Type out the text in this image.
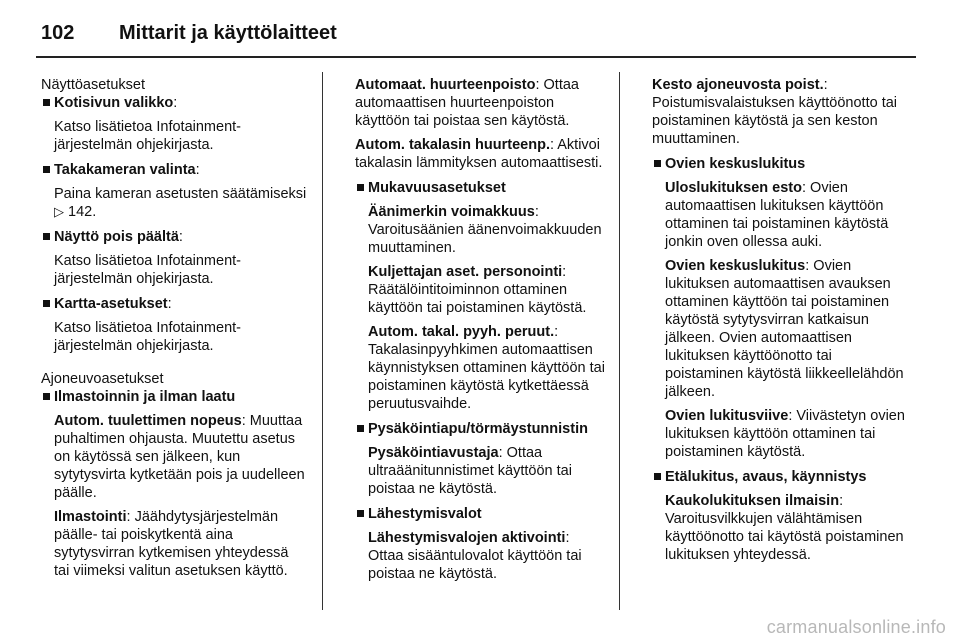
102 Mittarit ja käyttölaitteet
Näyttöasetukset
Kotisivun valikko:
Katso lisätietoa Infotainment-järjestelmän ohjekirjasta.
Takakameran valinta:
Paina kameran asetusten säätämiseksi ▷ 142.
Näyttö pois päältä:
Katso lisätietoa Infotainment-järjestelmän ohjekirjasta.
Kartta-asetukset:
Katso lisätietoa Infotainment-järjestelmän ohjekirjasta.
Ajoneuvoasetukset
Ilmastoinnin ja ilman laatu
Autom. tuulettimen nopeus: Muuttaa puhaltimen ohjausta. Muutettu asetus on käytössä sen jälkeen, kun sytytysvirta kytketään pois ja uudelleen päälle.
Ilmastointi: Jäähdytysjärjestelmän päälle- tai poiskytkentä aina sytytysvirran kytkemisen yhteydessä tai viimeksi valitun asetuksen käyttö.
Automaat. huurteenpoisto: Ottaa automaattisen huurteenpoiston käyttöön tai poistaa sen käytöstä.
Autom. takalasin huurteenp.: Aktivoi takalasin lämmityksen automaattisesti.
Mukavuusasetukset
Äänimerkin voimakkuus: Varoitusäänien äänenvoimakkuuden muuttaminen.
Kuljettajan aset. personointi: Räätälöintitoiminnon ottaminen käyttöön tai poistaminen käytöstä.
Autom. takal. pyyh. peruut.: Takalasinpyyhkimen automaattisen käynnistyksen ottaminen käyttöön tai poistaminen käytöstä kytkettäessä peruutusvaihde.
Pysäköintiapu/törmäystunnistin
Pysäköintiavustaja: Ottaa ultraäänitunnistimet käyttöön tai poistaa ne käytöstä.
Lähestymisvalot
Lähestymisvalojen aktivointi: Ottaa sisääntulovalot käyttöön tai poistaa ne käytöstä.
Kesto ajoneuvosta poist.: Poistumisvalaistuksen käyttöönotto tai poistaminen käytöstä ja sen keston muuttaminen.
Ovien keskuslukitus
Uloslukituksen esto: Ovien automaattisen lukituksen käyttöön ottaminen tai poistaminen käytöstä jonkin oven ollessa auki.
Ovien keskuslukitus: Ovien lukituksen automaattisen avauksen ottaminen käyttöön tai poistaminen käytöstä sytytysvirran katkaisun jälkeen. Ovien automaattisen lukituksen käyttöönotto tai poistaminen käytöstä liikkeellelähdön jälkeen.
Ovien lukitusviive: Viivästetyn ovien lukituksen käyttöön ottaminen tai poistaminen käytöstä.
Etälukitus, avaus, käynnistys
Kaukolukituksen ilmaisin: Varoitusvilkkujen välähtämisen käyttöönotto tai käytöstä poistaminen lukituksen yhteydessä.
carmanualsonline.info
